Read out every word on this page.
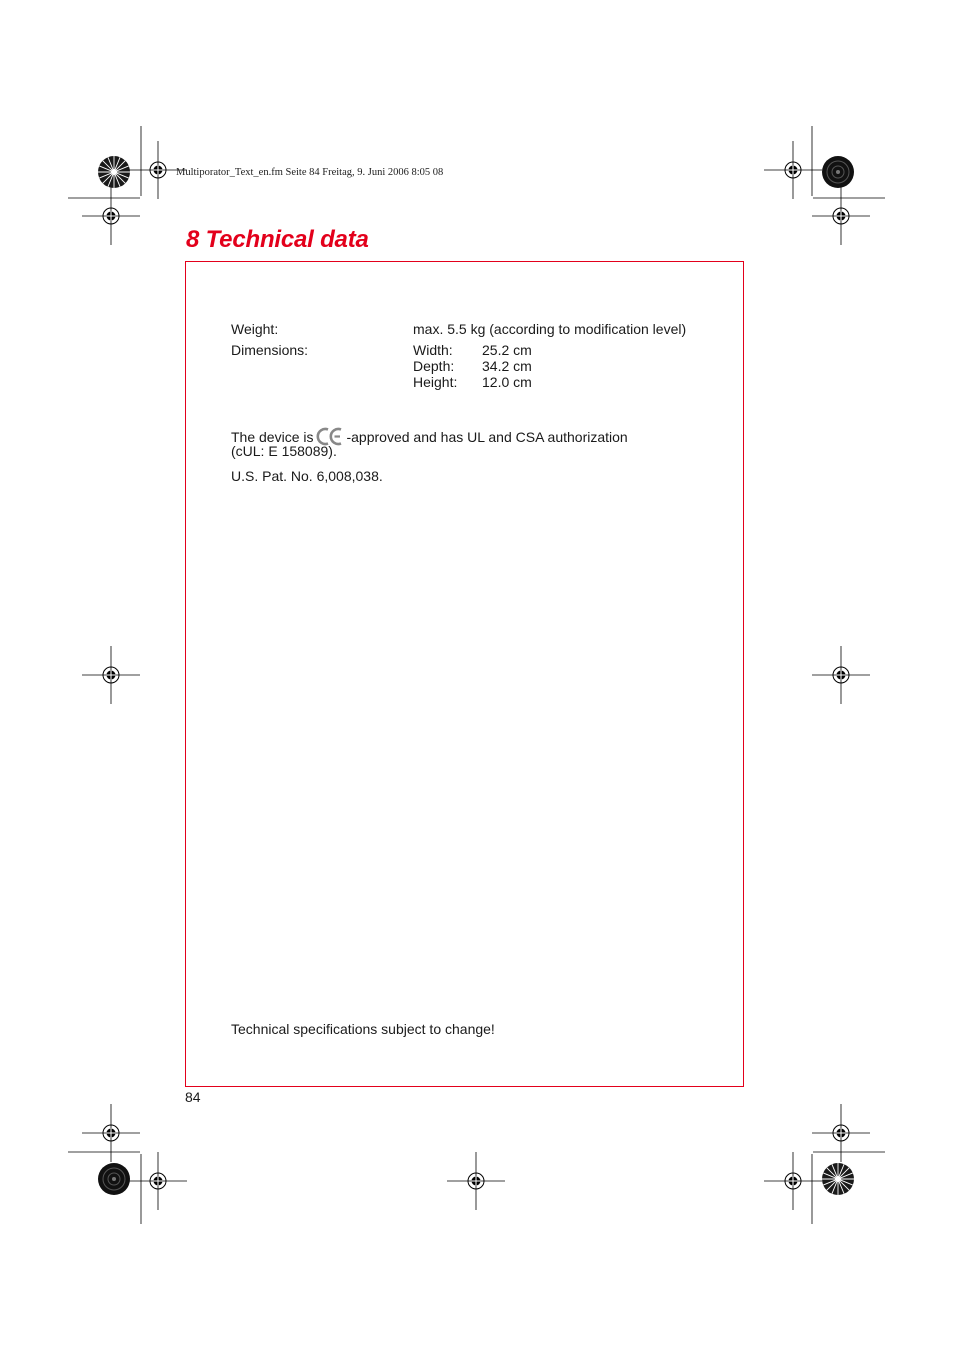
Multiporator_Text_en.fm Seite 84 Freitag, 9. Juni 2006 8:05 08
8 Technical data
Weight:	max. 5.5 kg (according to modification level)
Dimensions:	Width: 25.2 cm
Depth: 34.2 cm
Height: 12.0 cm
The device is -approved and has UL and CSA authorization
(cUL: E 158089).
U.S. Pat. No. 6,008,038.
Technical specifications subject to change!
84
